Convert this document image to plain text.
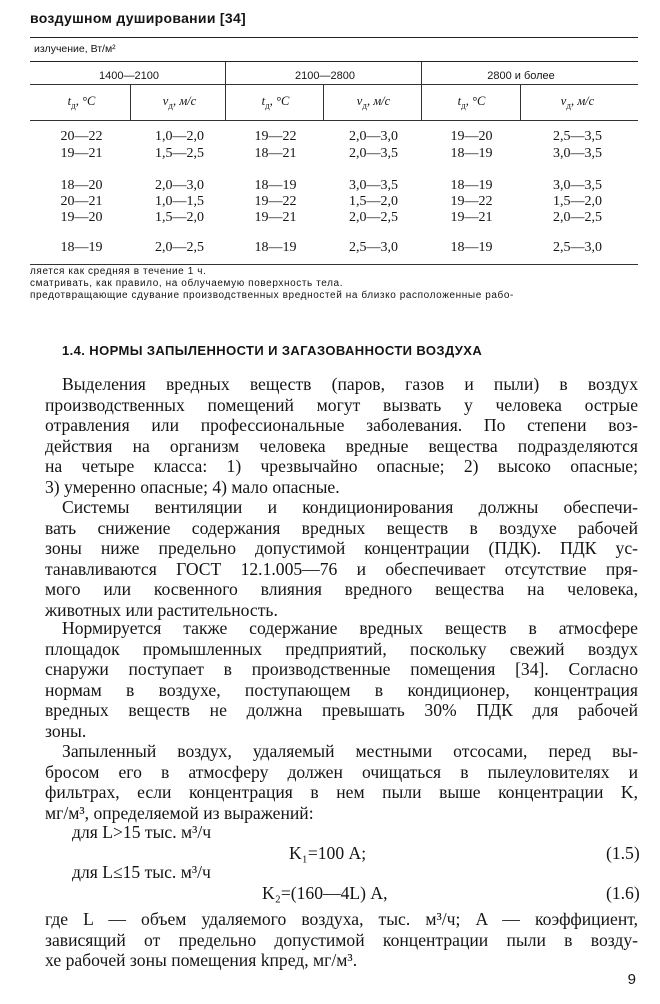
воздушном душировании [34]
излучение, Вт/м²
1400—2100	2100—2800	2800 и более
$t_д$, °С	$v_д$, м/с	$t_д$, °С	$v_д$, м/с	$t_д$, °С	$v_д$, м/с
20—22	1,0—2,0	19—22	2,0—3,0	19—20	2,5—3,5
19—21	1,5—2,5	18—21	2,0—3,5	18—19	3,0—3,5
18—20	2,0—3,0	18—19	3,0—3,5	18—19	3,0—3,5
20—21	1,0—1,5	19—22	1,5—2,0	19—22	1,5—2,0
19—20	1,5—2,0	19—21	2,0—2,5	19—21	2,0—2,5
18—19	2,0—2,5	18—19	2,5—3,0	18—19	2,5—3,0
ляется как средняя в течение 1 ч.
сматривать, как правило, на облучаемую поверхность тела.
предотвращающие сдувание производственных вредностей на близко расположенные рабо-
1.4. НОРМЫ ЗАПЫЛЕННОСТИ И ЗАГАЗОВАННОСТИ ВОЗДУХА
Выделения вредных веществ (паров, газов и пыли) в воздух
производственных помещений могут вызвать у человека острые
отравления или профессиональные заболевания. По степени воз-
действия на организм человека вредные вещества подразделяются
на четыре класса: 1) чрезвычайно опасные; 2) высоко опасные;
3) умеренно опасные; 4) мало опасные.
Системы вентиляции и кондиционирования должны обеспечи-
вать снижение содержания вредных веществ в воздухе рабочей
зоны ниже предельно допустимой концентрации (ПДК). ПДК ус-
танавливаются ГОСТ 12.1.005—76 и обеспечивает отсутствие пря-
мого или косвенного влияния вредного вещества на человека,
животных или растительность.
Нормируется также содержание вредных веществ в атмосфере
площадок промышленных предприятий, поскольку свежий воздух
снаружи поступает в производственные помещения [34]. Согласно
нормам в воздухе, поступающем в кондиционер, концентрация
вредных веществ не должна превышать 30% ПДК для рабочей
зоны.
Запыленный воздух, удаляемый местными отсосами, перед вы-
бросом его в атмосферу должен очищаться в пылеуловителях и
фильтрах, если концентрация в нем пыли выше концентрации K,
мг/м³, определяемой из выражений:
для L>15 тыс. м³/ч
K₁=100 А;	(1.5)
для L≤15 тыс. м³/ч
K₂=(160—4L) А,	(1.6)
где L — объем удаляемого воздуха, тыс. м³/ч; A — коэффициент,
зависящий от предельно допустимой концентрации пыли в возду-
хе рабочей зоны помещения kпред, мг/м³.
9
